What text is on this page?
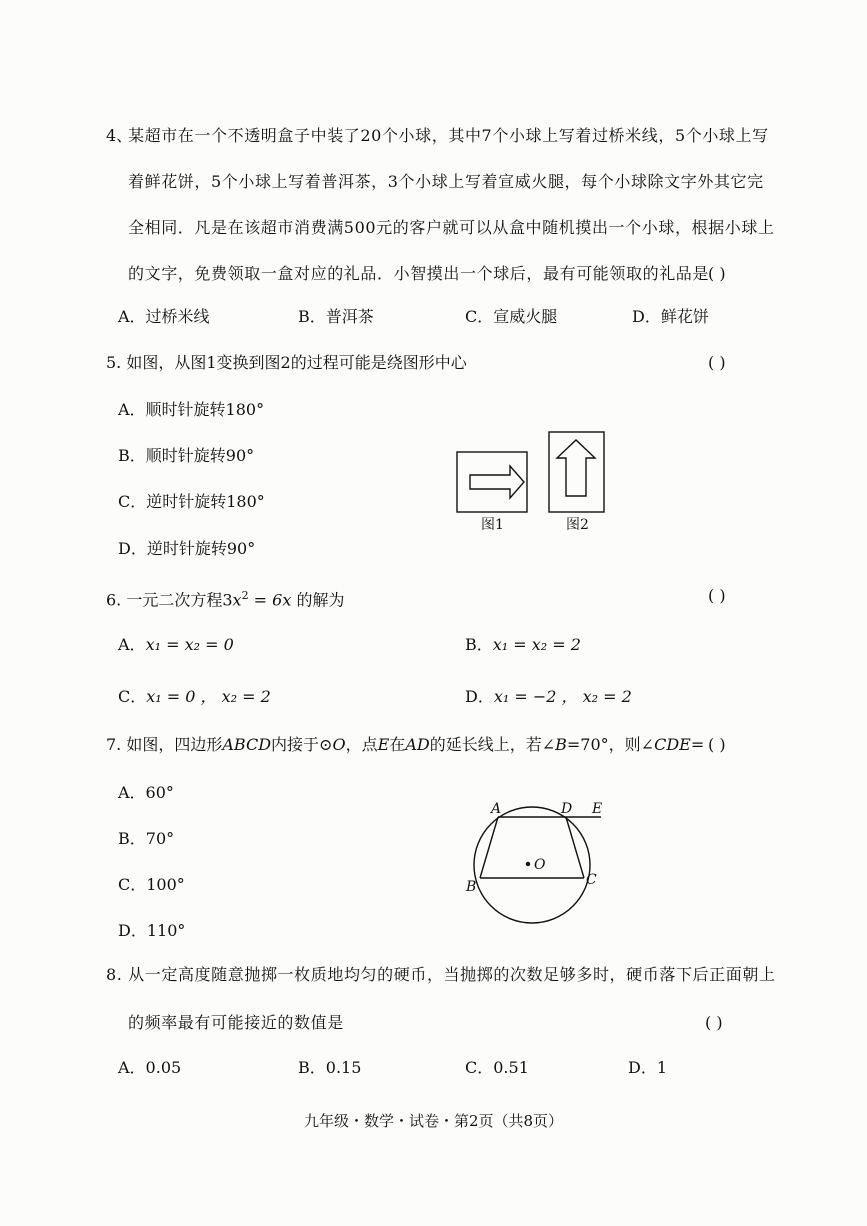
4、
某超市在一个不透明盒子中装了20个小球，其中7个小球上写着过桥米线，5个小球上写
着鲜花饼，5个小球上写着普洱茶，3个小球上写着宣威火腿，每个小球除文字外其它完
全相同．凡是在该超市消费满500元的客户就可以从盒中随机摸出一个小球，根据小球上
的文字，免费领取一盒对应的礼品．小智摸出一个球后，最有可能领取的礼品是
( )
A．过桥米线	B．普洱茶	C．宣威火腿	D．鲜花饼
5. 如图，从图1变换到图2的过程可能是绕图形中心	( )
A．顺时针旋转180°
B．顺时针旋转90°
C．逆时针旋转180°
D．逆时针旋转90°
图1	图2
6. 一元二次方程$3x^2 = 6x$ 的解为	( )
A．x₁ = x₂ = 0	B．x₁ = x₂ = 2
C．x₁ = 0 ， x₂ = 2	D．x₁ = −2 ， x₂ = 2
7. 如图，四边形ABCD内接于⊙O，点E在AD的延长线上，若∠B=70°，则∠CDE= ( )
A．60°
B．70°
C．100°
D．110°
A	D E
O
B	C
8. 从一定高度随意抛掷一枚质地均匀的硬币，当抛掷的次数足够多时，硬币落下后正面朝上
的频率最有可能接近的数值是	( )
A．0.05	B．0.15	C．0.51	D．1
九年级・数学・试卷・第2页（共8页）
